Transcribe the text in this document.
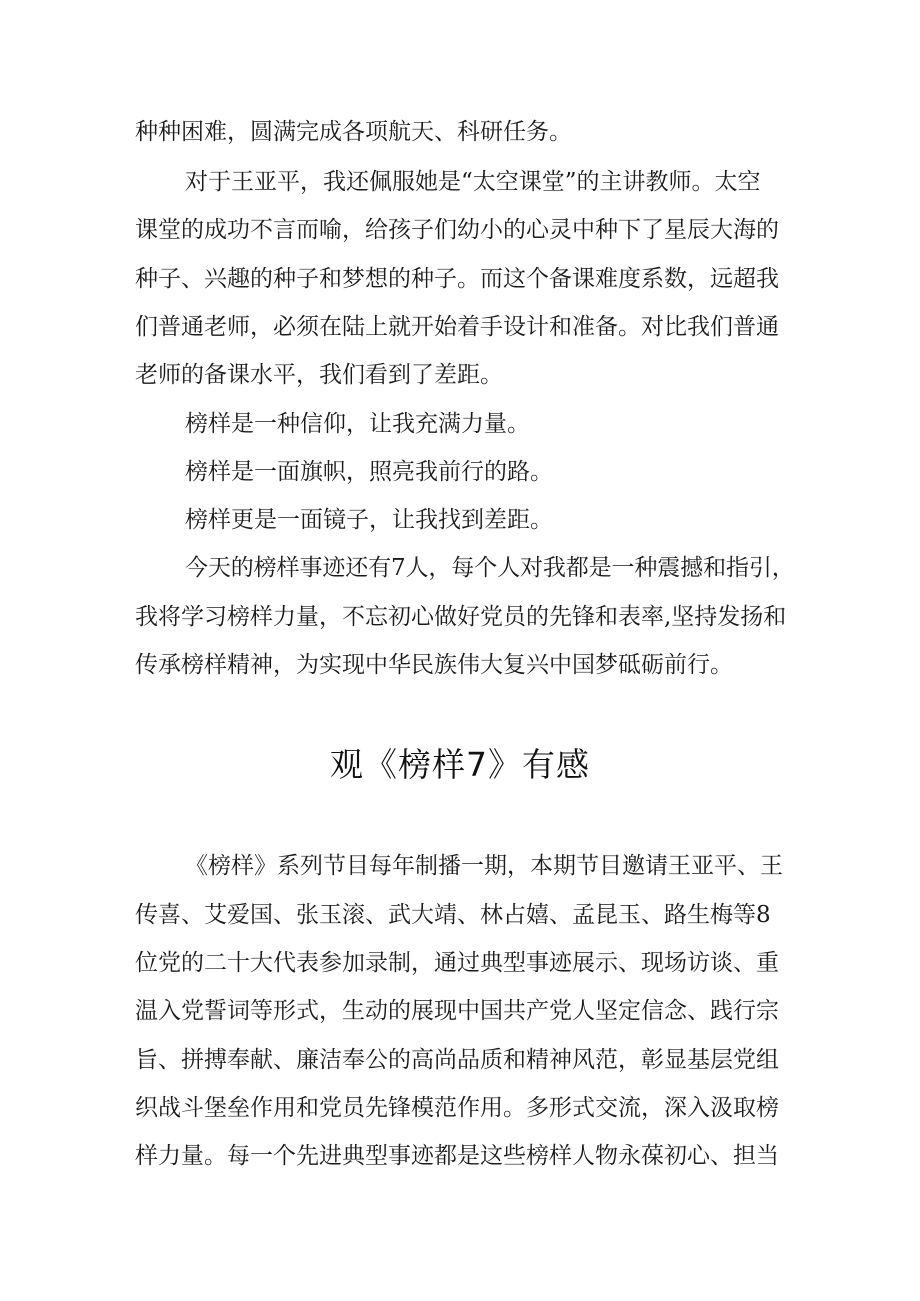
种种困难，圆满完成各项航天、科研任务。
对于王亚平，我还佩服她是“太空课堂”的主讲教师。太空
课堂的成功不言而喻，给孩子们幼小的心灵中种下了星辰大海的
种子、兴趣的种子和梦想的种子。而这个备课难度系数，远超我
们普通老师，必须在陆上就开始着手设计和准备。对比我们普通
老师的备课水平，我们看到了差距。
榜样是一种信仰，让我充满力量。
榜样是一面旗帜，照亮我前行的路。
榜样更是一面镜子，让我找到差距。
今天的榜样事迹还有7人，每个人对我都是一种震撼和指引，
我将学习榜样力量，不忘初心做好党员的先锋和表率,坚持发扬和
传承榜样精神，为实现中华民族伟大复兴中国梦砥砺前行。
观《榜样7》有感
《榜样》系列节目每年制播一期，本期节目邀请王亚平、王
传喜、艾爱国、张玉滚、武大靖、林占嬉、孟昆玉、路生梅等8
位党的二十大代表参加录制，通过典型事迹展示、现场访谈、重
温入党誓词等形式，生动的展现中国共产党人坚定信念、践行宗
旨、拼搏奉献、廉洁奉公的高尚品质和精神风范，彰显基层党组
织战斗堡垒作用和党员先锋模范作用。多形式交流，深入汲取榜
样力量。每一个先进典型事迹都是这些榜样人物永葆初心、担当
